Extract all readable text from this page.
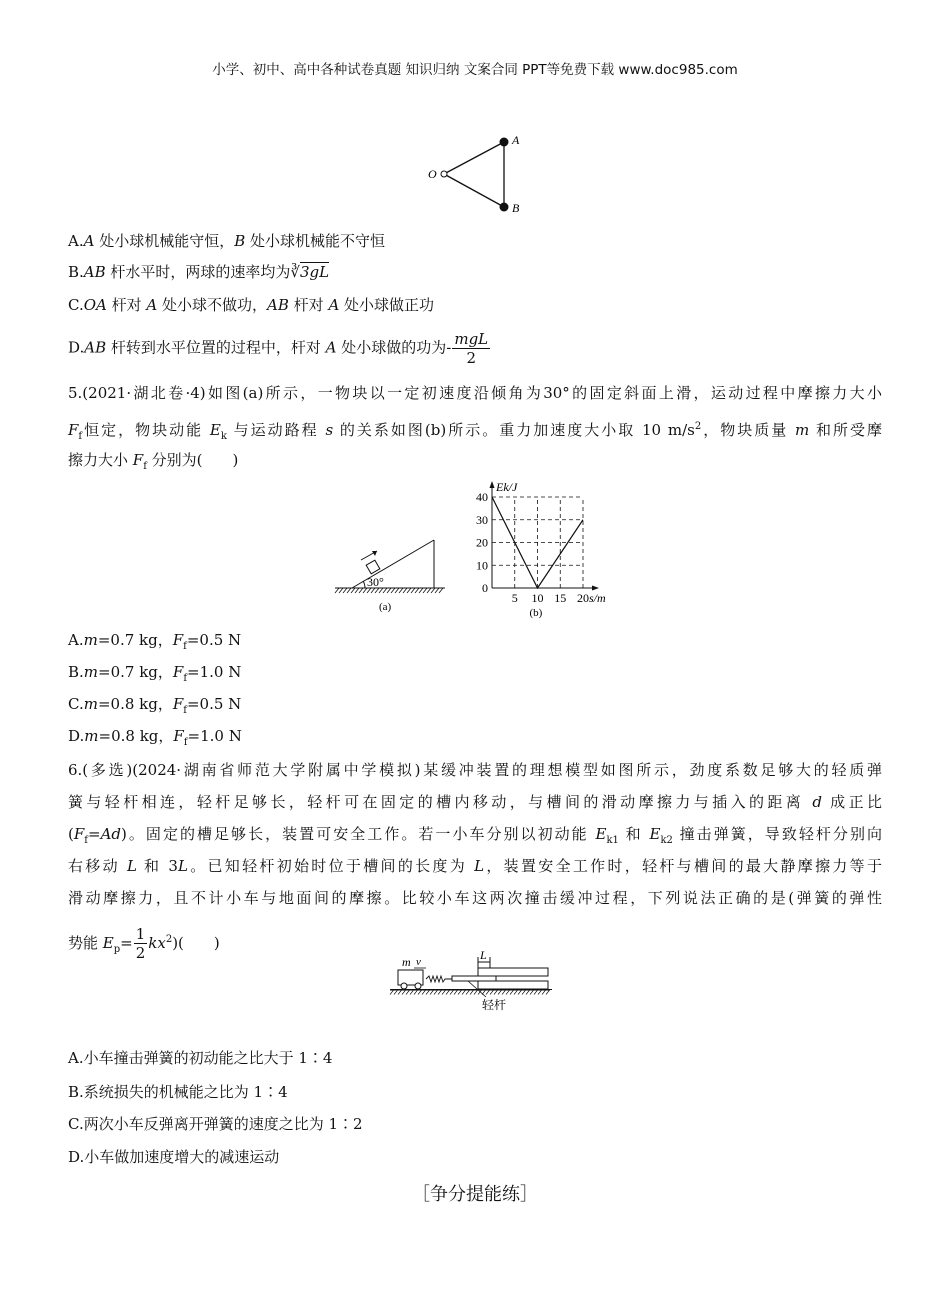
小学、初中、高中各种试卷真题 知识归纳 文案合同 PPT等免费下载 www.doc985.com
O
A
B
A.A 处小球机械能守恒，B 处小球机械能不守恒
B.AB 杆水平时，两球的速率均为∛3gL
C.OA 杆对 A 处小球不做功，AB 杆对 A 处小球做正功
D.AB 杆转到水平位置的过程中，杆对 A 处小球做的功为- $\frac{\text{mgL}}{2}$
5.(2021·湖北卷·4)如图(a)所示，一物块以一定初速度沿倾角为30°的固定斜面上滑，运动过程中摩擦力大小
$F_f$恒定，物块动能 $E_k$ 与运动路程 s 的关系如图(b)所示。重力加速度大小取 10 $m/s^2$，物块质量 m 和所受摩
擦力大小 $F_f$ 分别为(　　)
30°
(a)
0
10
20
30
40
5 10 15 20
Ek/J
s/m
(b)
A.m=0.7 kg，$F_f=0.5$ N
B.m=0.7 kg，$F_f=1.0$ N
C.m=0.8 kg，$F_f=0.5$ N
D.m=0.8 kg，$F_f=1.0$ N
6.(多选)(2024·湖南省师范大学附属中学模拟)某缓冲装置的理想模型如图所示，劲度系数足够大的轻质弹
簧与轻杆相连，轻杆足够长，轻杆可在固定的槽内移动，与槽间的滑动摩擦力与插入的距离 d 成正比
$(F_f=Ad)$。固定的槽足够长，装置可安全工作。若一小车分别以初动能 $E_{k1}$ 和 $E_{k2}$ 撞击弹簧，导致轻杆分别向
右移动 L 和 3L。已知轻杆初始时位于槽间的长度为 L，装置安全工作时，轻杆与槽间的最大静摩擦力等于
滑动摩擦力，且不计小车与地面间的摩擦。比较小车这两次撞击缓冲过程，下列说法正确的是(弹簧的弹性
势能 $E_p= \frac{1}{2} kx^2$)(　　)
L
m v
轻杆
A.小车撞击弹簧的初动能之比大于 1∶4
B.系统损失的机械能之比为 1∶4
C.两次小车反弹离开弹簧的速度之比为 1∶2
D.小车做加速度增大的减速运动
［争分提能练］
